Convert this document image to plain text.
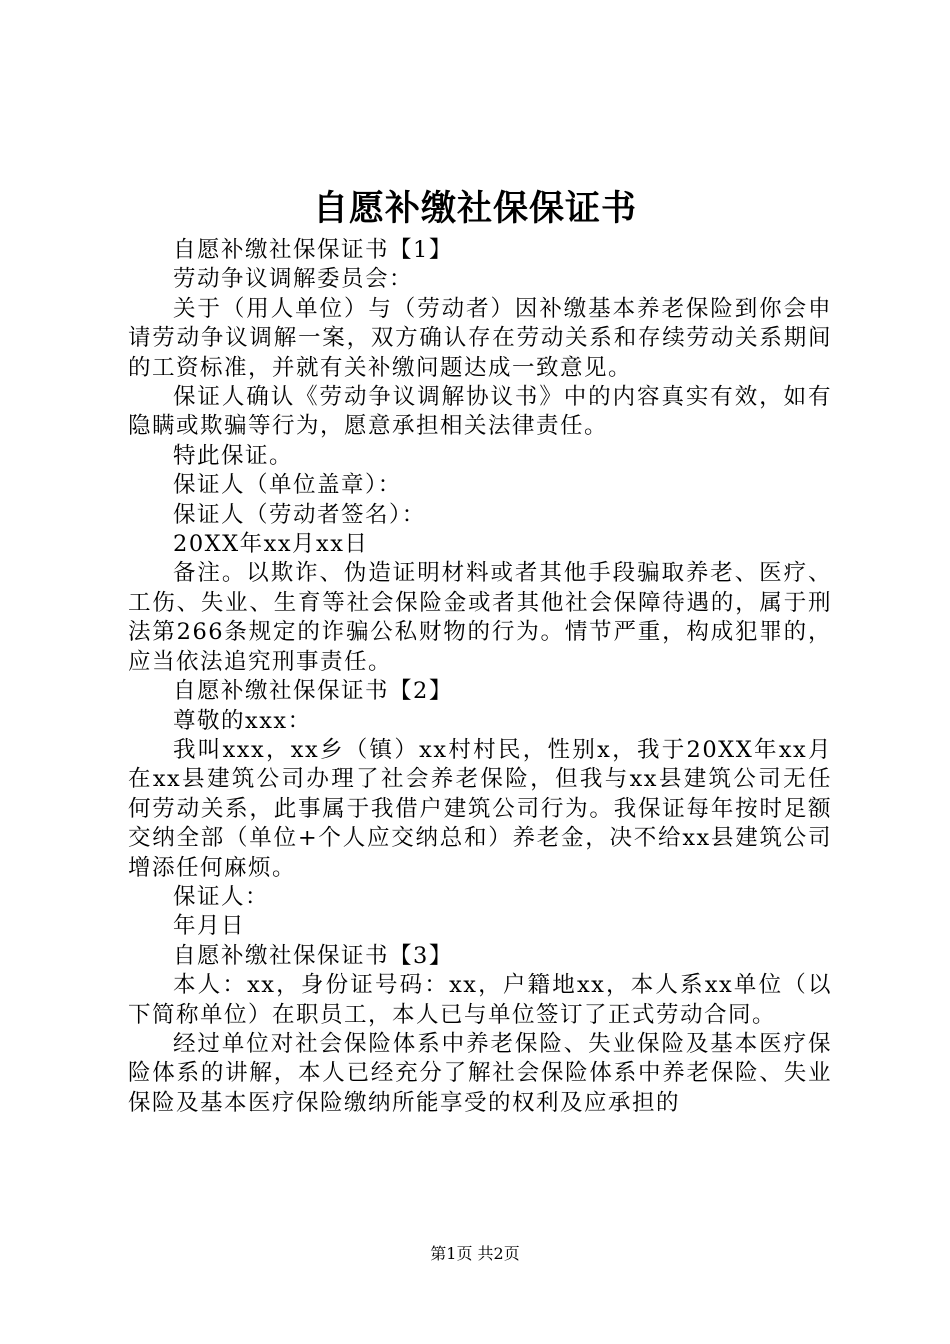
自愿补缴社保保证书

自愿补缴社保保证书【1】

劳动争议调解委员会：

关于（用人单位）与（劳动者）因补缴基本养老保险到你会申请劳动争议调解一案，双方确认存在劳动关系和存续劳动关系期间的工资标准，并就有关补缴问题达成一致意见。

保证人确认《劳动争议调解协议书》中的内容真实有效，如有隐瞒或欺骗等行为，愿意承担相关法律责任。

特此保证。

保证人（单位盖章）：

保证人（劳动者签名）：

20XX年xx月xx日

备注。以欺诈、伪造证明材料或者其他手段骗取养老、医疗、工伤、失业、生育等社会保险金或者其他社会保障待遇的，属于刑法第266条规定的诈骗公私财物的行为。情节严重，构成犯罪的，应当依法追究刑事责任。

自愿补缴社保保证书【2】

尊敬的xxx：

我叫xxx，xx乡（镇）xx村村民，性别x，我于20XX年xx月在xx县建筑公司办理了社会养老保险，但我与xx县建筑公司无任何劳动关系，此事属于我借户建筑公司行为。我保证每年按时足额交纳全部（单位+个人应交纳总和）养老金，决不给xx县建筑公司增添任何麻烦。

保证人：

年月日

自愿补缴社保保证书【3】

本人：xx，身份证号码：xx，户籍地xx，本人系xx单位（以下简称单位）在职员工，本人已与单位签订了正式劳动合同。

经过单位对社会保险体系中养老保险、失业保险及基本医疗保险体系的讲解，本人已经充分了解社会保险体系中养老保险、失业保险及基本医疗保险缴纳所能享受的权利及应承担的

第1页 共2页
